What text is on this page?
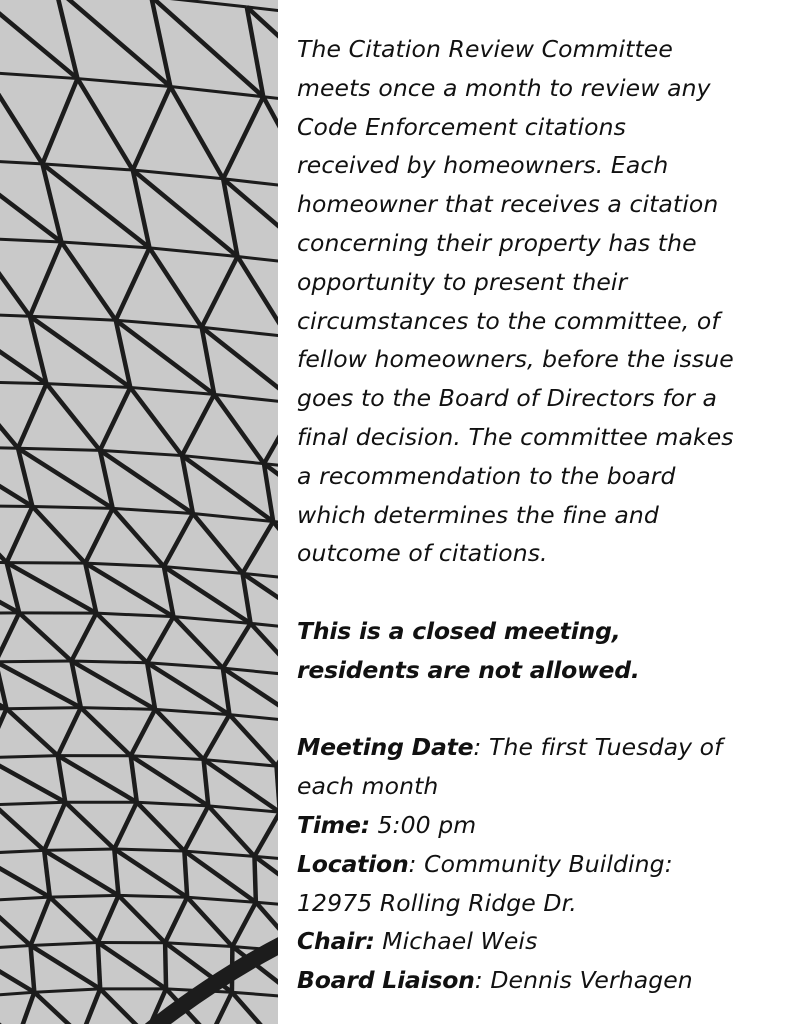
The Citation Review Committee
meets once a month to review any
Code Enforcement citations
received by homeowners. Each
homeowner that receives a citation
concerning their property has the
opportunity to present their
circumstances to the committee, of
fellow homeowners, before the issue
goes to the Board of Directors for a
final decision. The committee makes
a recommendation to the board
which determines the fine and
outcome of citations.

This is a closed meeting,
residents are not allowed.

Meeting Date: The first Tuesday of
each month
Time: 5:00 pm
Location: Community Building:
12975 Rolling Ridge Dr.
Chair: Michael Weis
Board Liaison: Dennis Verhagen
